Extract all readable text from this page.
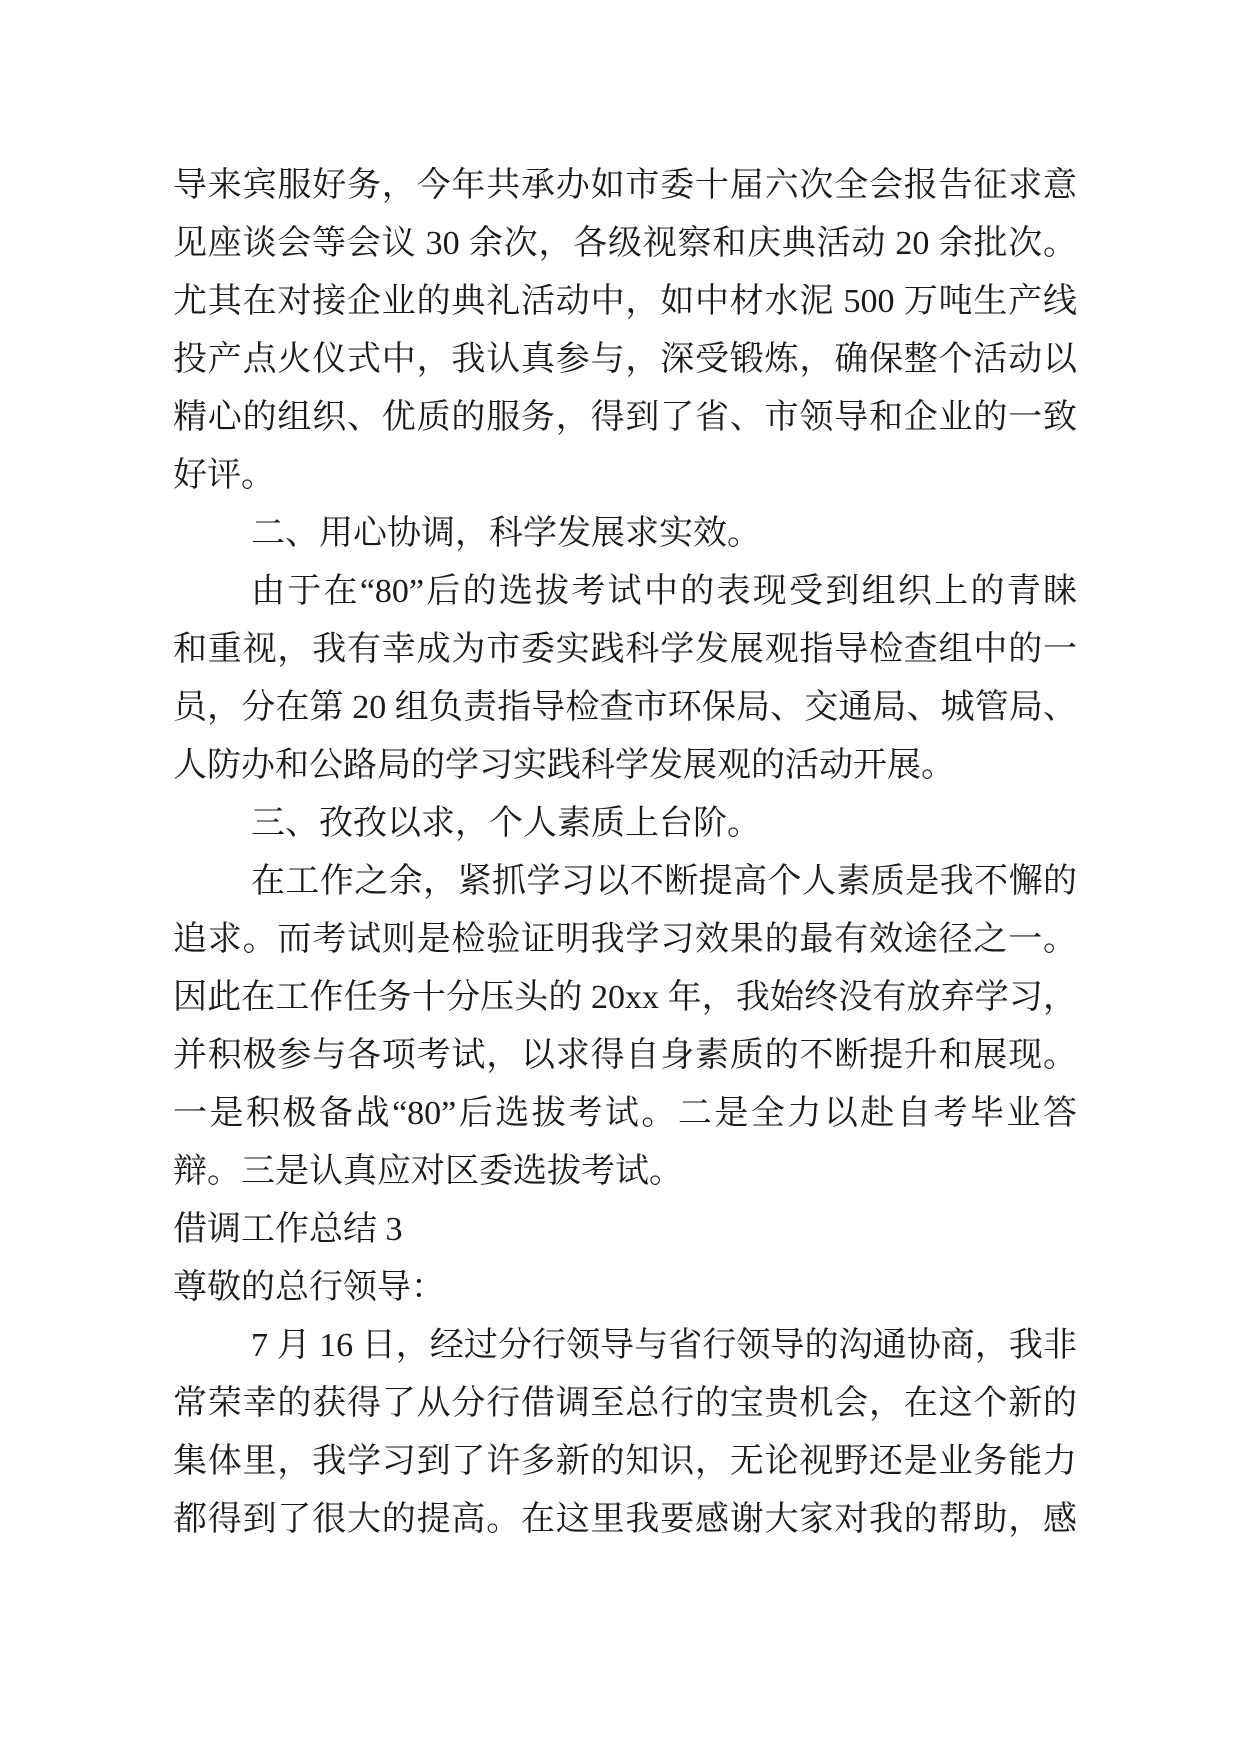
导来宾服好务，今年共承办如市委十届六次全会报告征求意
见座谈会等会议 30 余次，各级视察和庆典活动 20 余批次。
尤其在对接企业的典礼活动中，如中材水泥 500 万吨生产线
投产点火仪式中，我认真参与，深受锻炼，确保整个活动以
精心的组织、优质的服务，得到了省、市领导和企业的一致
好评。
二、用心协调，科学发展求实效。
由于在“80”后的选拔考试中的表现受到组织上的青睐
和重视，我有幸成为市委实践科学发展观指导检查组中的一
员，分在第 20 组负责指导检查市环保局、交通局、城管局、
人防办和公路局的学习实践科学发展观的活动开展。
三、孜孜以求，个人素质上台阶。
在工作之余，紧抓学习以不断提高个人素质是我不懈的
追求。而考试则是检验证明我学习效果的最有效途径之一。
因此在工作任务十分压头的 20xx 年，我始终没有放弃学习，
并积极参与各项考试，以求得自身素质的不断提升和展现。
一是积极备战“80”后选拔考试。二是全力以赴自考毕业答
辩。三是认真应对区委选拔考试。
借调工作总结 3
尊敬的总行领导：
7 月 16 日，经过分行领导与省行领导的沟通协商，我非
常荣幸的获得了从分行借调至总行的宝贵机会，在这个新的
集体里，我学习到了许多新的知识，无论视野还是业务能力
都得到了很大的提高。在这里我要感谢大家对我的帮助，感
